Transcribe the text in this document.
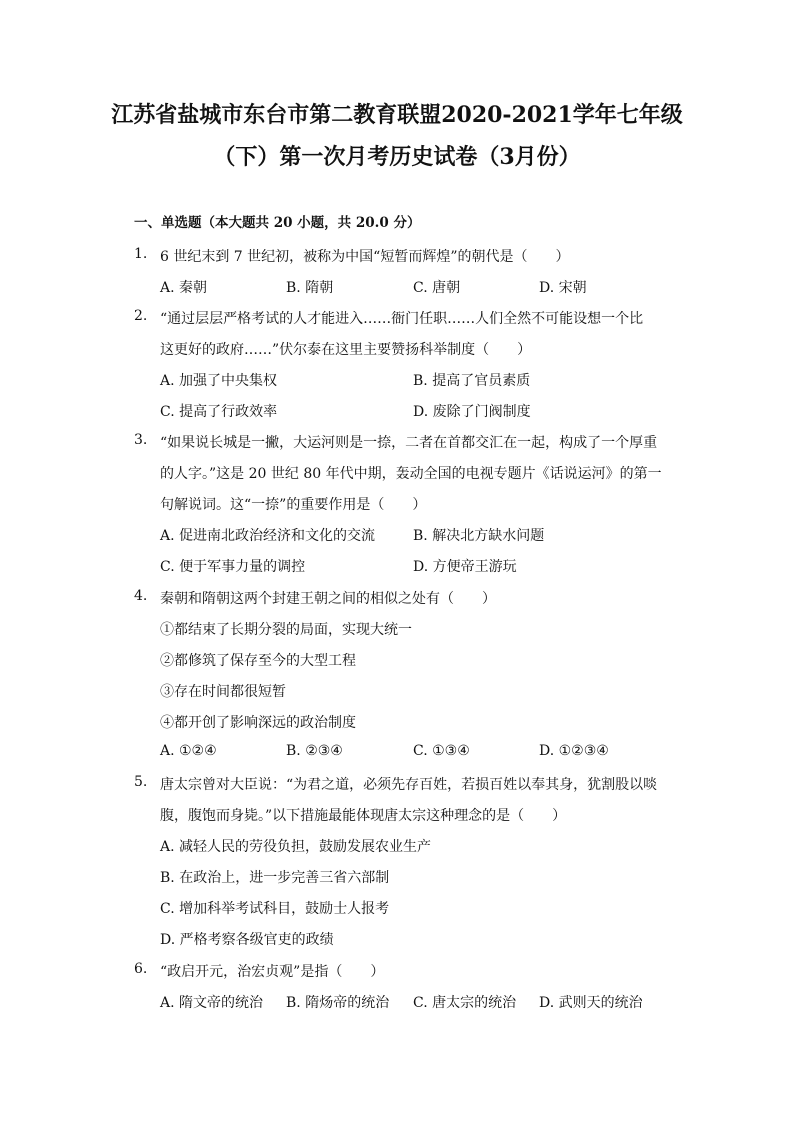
江苏省盐城市东台市第二教育联盟2020-2021学年七年级
（下）第一次月考历史试卷（3月份）
一、单选题（本大题共 20 小题，共 20.0 分）
1. 6 世纪末到 7 世纪初，被称为中国“短暂而辉煌”的朝代是（　　）
A. 秦朝	B. 隋朝	C. 唐朝	D. 宋朝
2. “通过层层严格考试的人才能进入……衙门任职……人们全然不可能设想一个比
这更好的政府……”伏尔泰在这里主要赞扬科举制度（　　）
A. 加强了中央集权	B. 提高了官员素质
C. 提高了行政效率	D. 废除了门阀制度
3. “如果说长城是一撇，大运河则是一捺，二者在首都交汇在一起，构成了一个厚重
的人字。”这是 20 世纪 80 年代中期，轰动全国的电视专题片《话说运河》的第一
句解说词。这“一捺”的重要作用是（　　）
A. 促进南北政治经济和文化的交流	B. 解决北方缺水问题
C. 便于军事力量的调控	D. 方便帝王游玩
4. 秦朝和隋朝这两个封建王朝之间的相似之处有（　　）
①都结束了长期分裂的局面，实现大统一
②都修筑了保存至今的大型工程
③存在时间都很短暂
④都开创了影响深远的政治制度
A. ①②④	B. ②③④	C. ①③④	D. ①②③④
5. 唐太宗曾对大臣说：“为君之道，必须先存百姓，若损百姓以奉其身，犹割股以啖
腹，腹饱而身毙。”以下措施最能体现唐太宗这种理念的是（　　）
A. 减轻人民的劳役负担，鼓励发展农业生产
B. 在政治上，进一步完善三省六部制
C. 增加科举考试科目，鼓励士人报考
D. 严格考察各级官吏的政绩
6. “政启开元，治宏贞观”是指（　　）
A. 隋文帝的统治 B. 隋炀帝的统治 C. 唐太宗的统治 D. 武则天的统治
